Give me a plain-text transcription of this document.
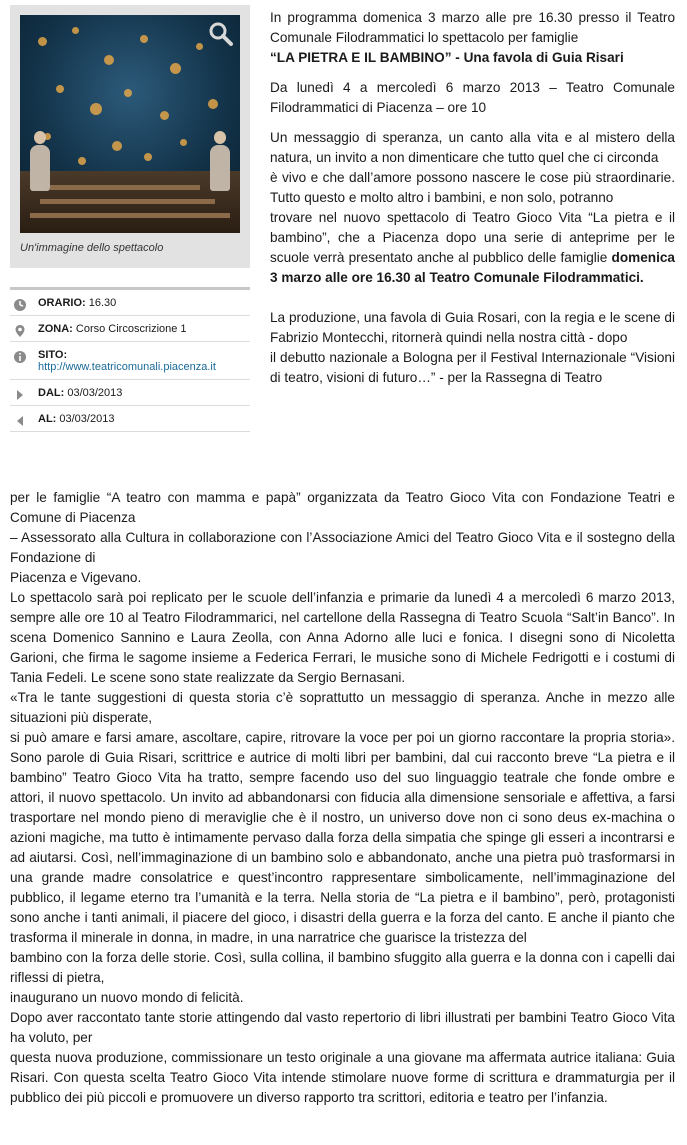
Un'immagine dello spettacolo
ORARIO: 16.30
ZONA: Corso Circoscrizione 1
SITO:
http://www.teatricomunali.piacenza.it
DAL: 03/03/2013
AL: 03/03/2013

In programma domenica 3 marzo alle pre 16.30 presso il Teatro Comunale Filodrammatici lo spettacolo per famiglie
“LA PIETRA E IL BAMBINO” - Una favola di Guia Risari

Da lunedì 4 a mercoledì 6 marzo 2013 – Teatro Comunale Filodrammatici di Piacenza – ore 10

Un messaggio di speranza, un canto alla vita e al mistero della natura, un invito a non dimenticare che tutto quel che ci circonda
è vivo e che dall’amore possono nascere le cose più straordinarie. Tutto questo e molto altro i bambini, e non solo, potranno
trovare nel nuovo spettacolo di Teatro Gioco Vita “La pietra e il bambino”, che a Piacenza dopo una serie di anteprime per le scuole verrà presentato anche al pubblico delle famiglie domenica 3 marzo alle ore 16.30 al Teatro Comunale Filodrammatici.

La produzione, una favola di Guia Rosari, con la regia e le scene di Fabrizio Montecchi, ritornerà quindi nella nostra città - dopo
il debutto nazionale a Bologna per il Festival Internazionale “Visioni di teatro, visioni di futuro…” - per la Rassegna di Teatro

per le famiglie “A teatro con mamma e papà” organizzata da Teatro Gioco Vita con Fondazione Teatri e Comune di Piacenza

– Assessorato alla Cultura in collaborazione con l’Associazione Amici del Teatro Gioco Vita e il sostegno della Fondazione di

Piacenza e Vigevano.

Lo spettacolo sarà poi replicato per le scuole dell’infanzia e primarie da lunedì 4 a mercoledì 6 marzo 2013, sempre alle ore 10 al Teatro Filodrammarici, nel cartellone della Rassegna di Teatro Scuola “Salt’in Banco”. In scena Domenico Sannino e Laura Zeolla, con Anna Adorno alle luci e fonica. I disegni sono di Nicoletta Garioni, che firma le sagome insieme a Federica Ferrari, le musiche sono di Michele Fedrigotti e i costumi di Tania Fedeli. Le scene sono state realizzate da Sergio Bernasani.

«Tra le tante suggestioni di questa storia c’è soprattutto un messaggio di speranza. Anche in mezzo alle situazioni più disperate,

si può amare e farsi amare, ascoltare, capire, ritrovare la voce per poi un giorno raccontare la propria storia». Sono parole di Guia Risari, scrittrice e autrice di molti libri per bambini, dal cui racconto breve “La pietra e il bambino” Teatro Gioco Vita ha tratto, sempre facendo uso del suo linguaggio teatrale che fonde ombre e attori, il nuovo spettacolo. Un invito ad abbandonarsi con fiducia alla dimensione sensoriale e affettiva, a farsi trasportare nel mondo pieno di meraviglie che è il nostro, un universo dove non ci sono deus ex-machina o azioni magiche, ma tutto è intimamente pervaso dalla forza della simpatia che spinge gli esseri a incontrarsi e ad aiutarsi. Così, nell’immaginazione di un bambino solo e abbandonato, anche una pietra può trasformarsi in una grande madre consolatrice e quest’incontro rappresentare simbolicamente, nell’immaginazione del pubblico, il legame eterno tra l’umanità e la terra. Nella storia de “La pietra e il bambino”, però, protagonisti sono anche i tanti animali, il piacere del gioco, i disastri della guerra e la forza del canto. E anche il pianto che trasforma il minerale in donna, in madre, in una narratrice che guarisce la tristezza del

bambino con la forza delle storie. Così, sulla collina, il bambino sfuggito alla guerra e la donna con i capelli dai riflessi di pietra,

inaugurano un nuovo mondo di felicità.

Dopo aver raccontato tante storie attingendo dal vasto repertorio di libri illustrati per bambini Teatro Gioco Vita ha voluto, per

questa nuova produzione, commissionare un testo originale a una giovane ma affermata autrice italiana: Guia Risari. Con questa scelta Teatro Gioco Vita intende stimolare nuove forme di scrittura e drammaturgia per il pubblico dei più piccoli e promuovere un diverso rapporto tra scrittori, editoria e teatro per l’infanzia.
